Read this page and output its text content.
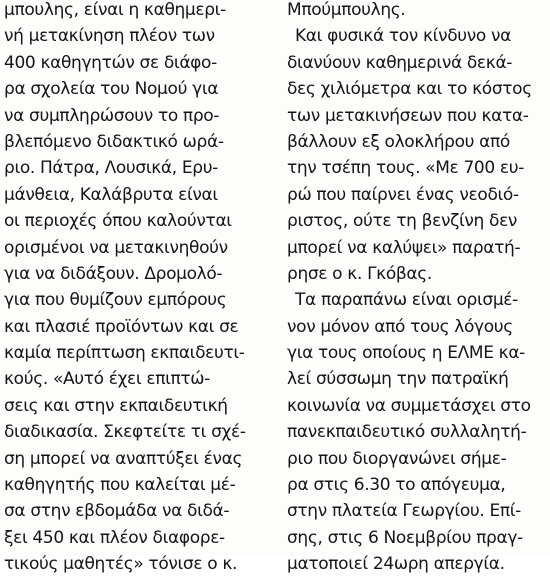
μπουλης, είναι η καθημερι-
νή μετακίνηση πλέον των
400 καθηγητών σε διάφο-
ρα σχολεία του Νομού για
να συμπληρώσουν το προ-
βλεπόμενο διδακτικό ωρά-
ριο. Πάτρα, Λουσικά, Ερυ-
μάνθεια, Καλάβρυτα είναι
οι περιοχές όπου καλούνται
ορισμένοι να μετακινηθούν
για να διδάξουν. Δρομολό-
για που θυμίζουν εμπόρους
και πλασιέ προϊόντων και σε
καμία περίπτωση εκπαιδευτι-
κούς. «Αυτό έχει επιπτώ-
σεις και στην εκπαιδευτική
διαδικασία. Σκεφτείτε τι σχέ-
ση μπορεί να αναπτύξει ένας
καθηγητής που καλείται μέ-
σα στην εβδομάδα να διδά-
ξει 450 και πλέον διαφορε-
τικούς μαθητές» τόνισε ο κ.
Μπούμπουλης.
Και φυσικά τον κίνδυνο να
διανύουν καθημερινά δεκά-
δες χιλιόμετρα και το κόστος
των μετακινήσεων που κατα-
βάλλουν εξ ολοκλήρου από
την τσέπη τους. «Με 700 ευ-
ρώ που παίρνει ένας νεοδιό-
ριστος, ούτε τη βενζίνη δεν
μπορεί να καλύψει» παρατή-
ρησε ο κ. Γκόβας.
Τα παραπάνω είναι ορισμέ-
νον μόνον από τους λόγους
για τους οποίους η ΕΛΜΕ κα-
λεί σύσσωμη την πατραϊκή
κοινωνία να συμμετάσχει στο
πανεκπαιδευτικό συλλαλητή-
ριο που διοργανώνει σήμε-
ρα στις 6.30 το απόγευμα,
στην πλατεία Γεωργίου. Επί-
σης, στις 6 Νοεμβρίου πραγ-
ματοποιεί 24ωρη απεργία.
